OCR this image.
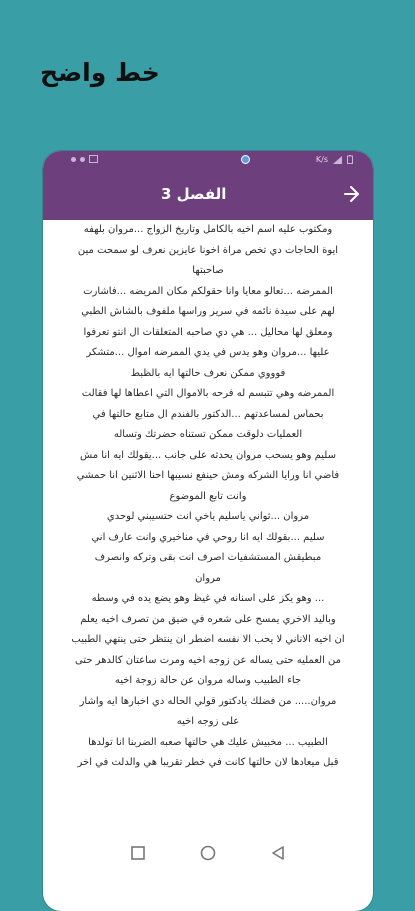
خط واضح
K/s
الفصل 3
ومكتوب عليه اسم اخيه بالكامل وتاريخ الزواج ...مروان بلهفه
ايوة الحاجات دي تخص مراة اخونا عايزين نعرف لو سمحت مين
صاحبتها
الممرضه ...تعالو معايا وانا حقولكم مكان المريضه ...فاشارت
لهم على سيدة نائمه في سرير وراسها ملفوف بالشاش الطبي
ومعلق لها محاليل ... هي دي صاحبه المتعلقات ال انتو تعرفوا
عليها ...مروان وهو يدس في يدي الممرضه اموال ...متشكر
فوووي ممكن نعرف حالتها ايه بالظبط
الممرضه وهي تتبسم له فرحه بالاموال التي اعطاها لها فقالت
بحماس لمساعدتهم ...الدكتور بالفندم ال متابع حالتها في
العمليات دلوقت ممكن تستناه حضرتك وتساله
سليم وهو يسحب مروان يحدثه على جانب ...يقولك ايه انا مش
فاضي انا ورايا الشركه ومش حينفع نسيبها احنا الاثنين انا حمشي
وانت تابع الموضوع
مروان ...ثواني ياسليم ياخي انت حتسيبني لوحدي
سليم ...بقولك ايه انا روحي في مناخيري وانت عارف اني
مبطيقش المستشفيات اصرف انت بقى وتركه وانصرف
مروان
... وهو يكز على اسنانه في غيظ وهو يضع يده في وسطه
وباليد الاخري يمسح على شعره في ضيق من تصرف اخيه يعلم
ان اخيه الاناني لا يحب الا نفسه اضطر ان ينتظر حتى ينتهي الطبيب
من العمليه حتى يساله عن زوجه اخيه ومرت ساعتان كالدهر حتى
جاء الطبيب وساله مروان عن حالة زوجة اخيه
مروان..... من فضلك يادكتور قولي الحاله دي اخبارها ايه واشار
على زوجه اخيه
الطبيب ... مخبيش عليك هي حالتها صعبه الضربنا انا تولدها
قبل ميعادها لان حالتها كانت في خطر تقريبا هي والدلت في اخر
